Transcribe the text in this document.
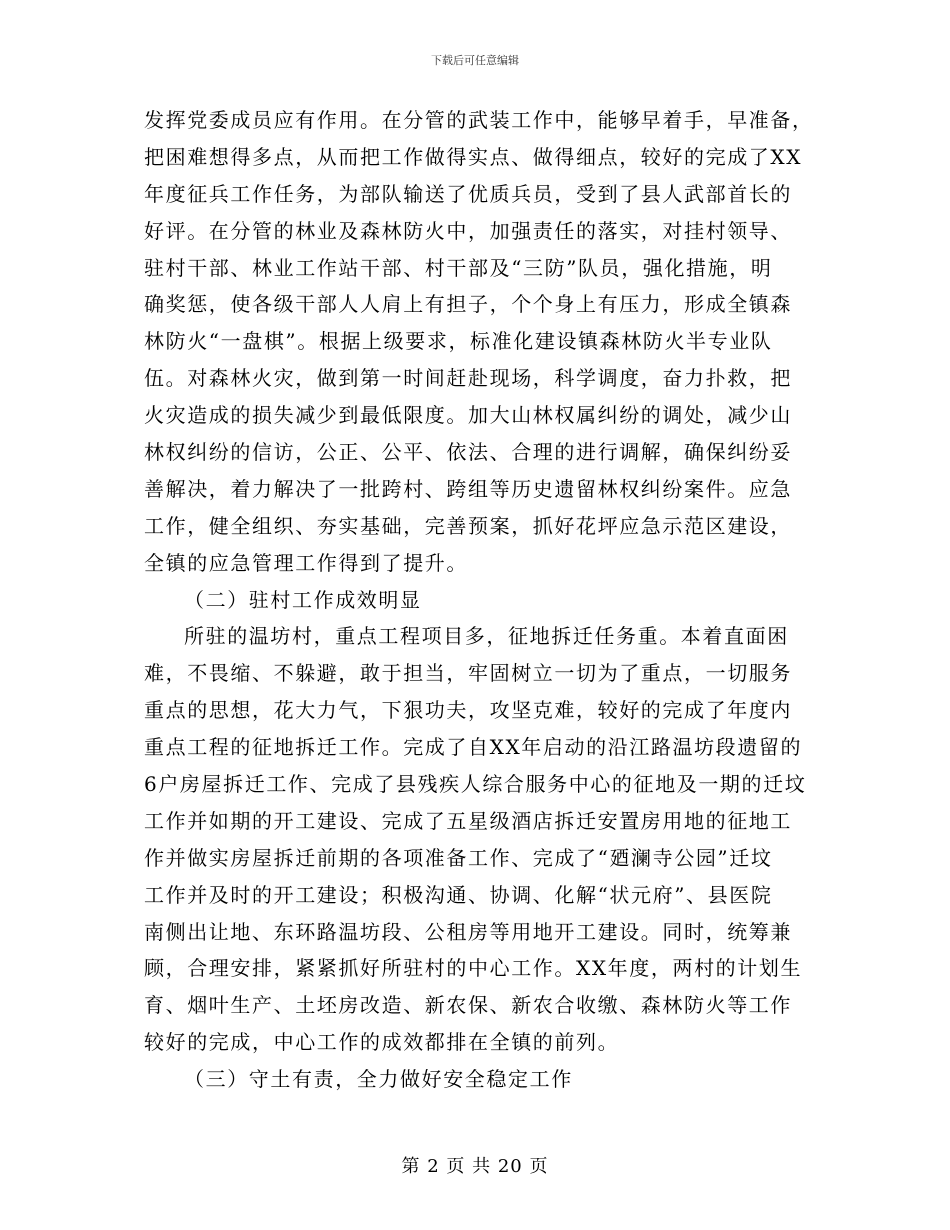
下载后可任意编辑
发挥党委成员应有作用。在分管的武装工作中，能够早着手，早准备，
把困难想得多点，从而把工作做得实点、做得细点，较好的完成了XX
年度征兵工作任务，为部队输送了优质兵员，受到了县人武部首长的
好评。在分管的林业及森林防火中，加强责任的落实，对挂村领导、
驻村干部、林业工作站干部、村干部及“三防”队员，强化措施，明
确奖惩，使各级干部人人肩上有担子，个个身上有压力，形成全镇森
林防火“一盘棋”。根据上级要求，标准化建设镇森林防火半专业队
伍。对森林火灾，做到第一时间赶赴现场，科学调度，奋力扑救，把
火灾造成的损失减少到最低限度。加大山林权属纠纷的调处，减少山
林权纠纷的信访，公正、公平、依法、合理的进行调解，确保纠纷妥
善解决，着力解决了一批跨村、跨组等历史遗留林权纠纷案件。应急
工作，健全组织、夯实基础，完善预案，抓好花坪应急示范区建设，
全镇的应急管理工作得到了提升。
（二）驻村工作成效明显
所驻的温坊村，重点工程项目多，征地拆迁任务重。本着直面困
难，不畏缩、不躲避，敢于担当，牢固树立一切为了重点，一切服务
重点的思想，花大力气，下狠功夫，攻坚克难，较好的完成了年度内
重点工程的征地拆迁工作。完成了自XX年启动的沿江路温坊段遗留的
6户房屋拆迁工作、完成了县残疾人综合服务中心的征地及一期的迁坟
工作并如期的开工建设、完成了五星级酒店拆迁安置房用地的征地工
作并做实房屋拆迁前期的各项准备工作、完成了“廼澜寺公园”迁坟
工作并及时的开工建设；积极沟通、协调、化解“状元府”、县医院
南侧出让地、东环路温坊段、公租房等用地开工建设。同时，统筹兼
顾，合理安排，紧紧抓好所驻村的中心工作。XX年度，两村的计划生
育、烟叶生产、土坯房改造、新农保、新农合收缴、森林防火等工作
较好的完成，中心工作的成效都排在全镇的前列。
（三）守土有责，全力做好安全稳定工作
第 2 页 共 20 页
